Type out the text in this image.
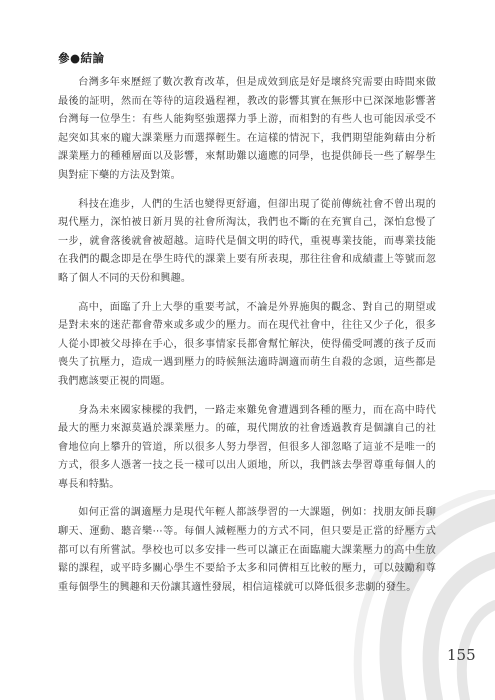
參●結論

台灣多年來歷經了數次教育改革，但是成效到底是好是壞終究需要由時間來做最後的証明，然而在等待的這段過程裡，教改的影響其實在無形中已深深地影響著台灣每一位學生：有些人能夠堅強選擇力爭上游，而相對的有些人也可能因承受不起突如其來的龐大課業壓力而選擇輕生。在這樣的情況下，我們期望能夠藉由分析課業壓力的種種層面以及影響，來幫助難以適應的同學，也提供師長一些了解學生與對症下藥的方法及對策。

科技在進步，人們的生活也變得更舒適，但卻出現了從前傳統社會不曾出現的現代壓力，深怕被日新月異的社會所淘汰，我們也不斷的在充實自己，深怕怠慢了一步，就會落後就會被超越。這時代是個文明的時代，重視專業技能，而專業技能在我們的觀念即是在學生時代的課業上要有所表現，那往往會和成績畫上等號而忽略了個人不同的天份和興趣。

高中，面臨了升上大學的重要考試，不論是外界施與的觀念、對自己的期望或是對未來的迷茫都會帶來或多或少的壓力。而在現代社會中，往往又少子化，很多人從小即被父母捧在手心，很多事情家長都會幫忙解決，使得備受呵護的孩子反而喪失了抗壓力，造成一遇到壓力的時候無法適時調適而萌生自殺的念頭，這些都是我們應該要正視的問題。

身為未來國家棟樑的我們，一路走來難免會遭遇到各種的壓力，而在高中時代最大的壓力來源莫過於課業壓力。的確，現代開放的社會透過教育是個讓自己的社會地位向上攀升的管道，所以很多人努力學習，但很多人卻忽略了這並不是唯一的方式，很多人憑著一技之長一樣可以出人頭地，所以，我們該去學習尊重每個人的專長和特點。

如何正當的調適壓力是現代年輕人都該學習的一大課題，例如：找朋友師長聊聊天、運動、聽音樂⋯等。每個人減輕壓力的方式不同，但只要是正當的紓壓方式都可以有所嘗試。學校也可以多安排一些可以讓正在面臨龐大課業壓力的高中生放鬆的課程，或平時多關心學生不要給予太多和同儕相互比較的壓力，可以鼓勵和尊重每個學生的興趣和天份讓其適性發展，相信這樣就可以降低很多悲劇的發生。

155
